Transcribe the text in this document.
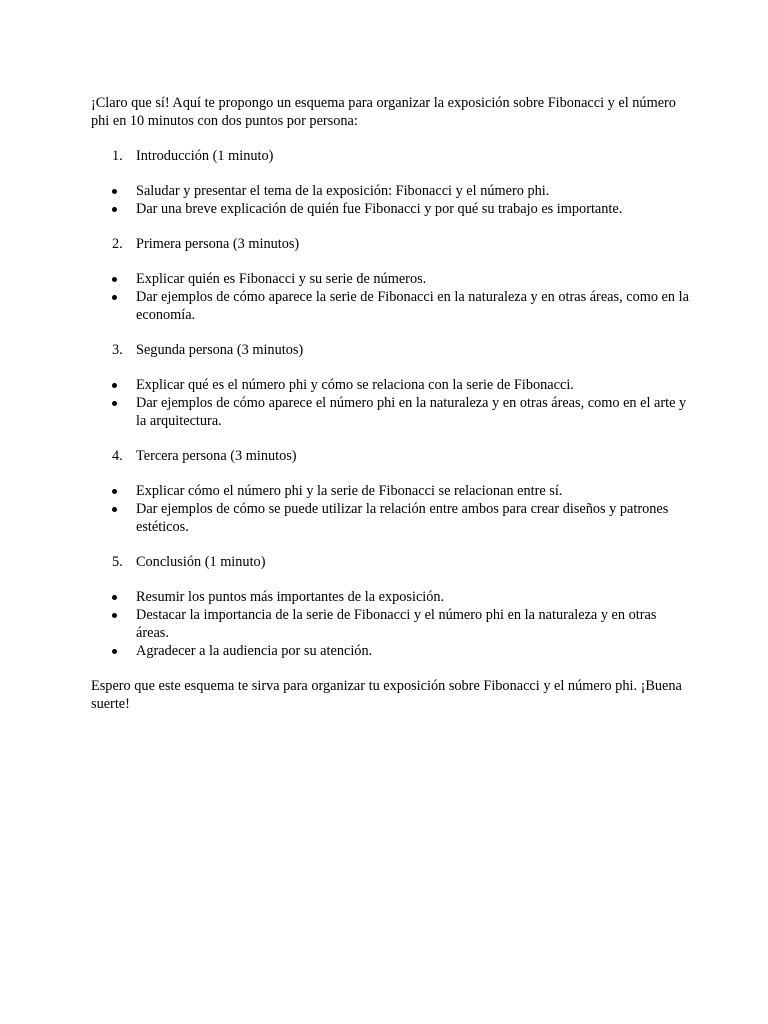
¡Claro que sí! Aquí te propongo un esquema para organizar la exposición sobre Fibonacci y el número phi en 10 minutos con dos puntos por persona:

1. Introducción (1 minuto)
Saludar y presentar el tema de la exposición: Fibonacci y el número phi.
Dar una breve explicación de quién fue Fibonacci y por qué su trabajo es importante.
2. Primera persona (3 minutos)
Explicar quién es Fibonacci y su serie de números.
Dar ejemplos de cómo aparece la serie de Fibonacci en la naturaleza y en otras áreas, como en la economía.
3. Segunda persona (3 minutos)
Explicar qué es el número phi y cómo se relaciona con la serie de Fibonacci.
Dar ejemplos de cómo aparece el número phi en la naturaleza y en otras áreas, como en el arte y la arquitectura.
4. Tercera persona (3 minutos)
Explicar cómo el número phi y la serie de Fibonacci se relacionan entre sí.
Dar ejemplos de cómo se puede utilizar la relación entre ambos para crear diseños y patrones estéticos.
5. Conclusión (1 minuto)
Resumir los puntos más importantes de la exposición.
Destacar la importancia de la serie de Fibonacci y el número phi en la naturaleza y en otras áreas.
Agradecer a la audiencia por su atención.

Espero que este esquema te sirva para organizar tu exposición sobre Fibonacci y el número phi. ¡Buena suerte!
